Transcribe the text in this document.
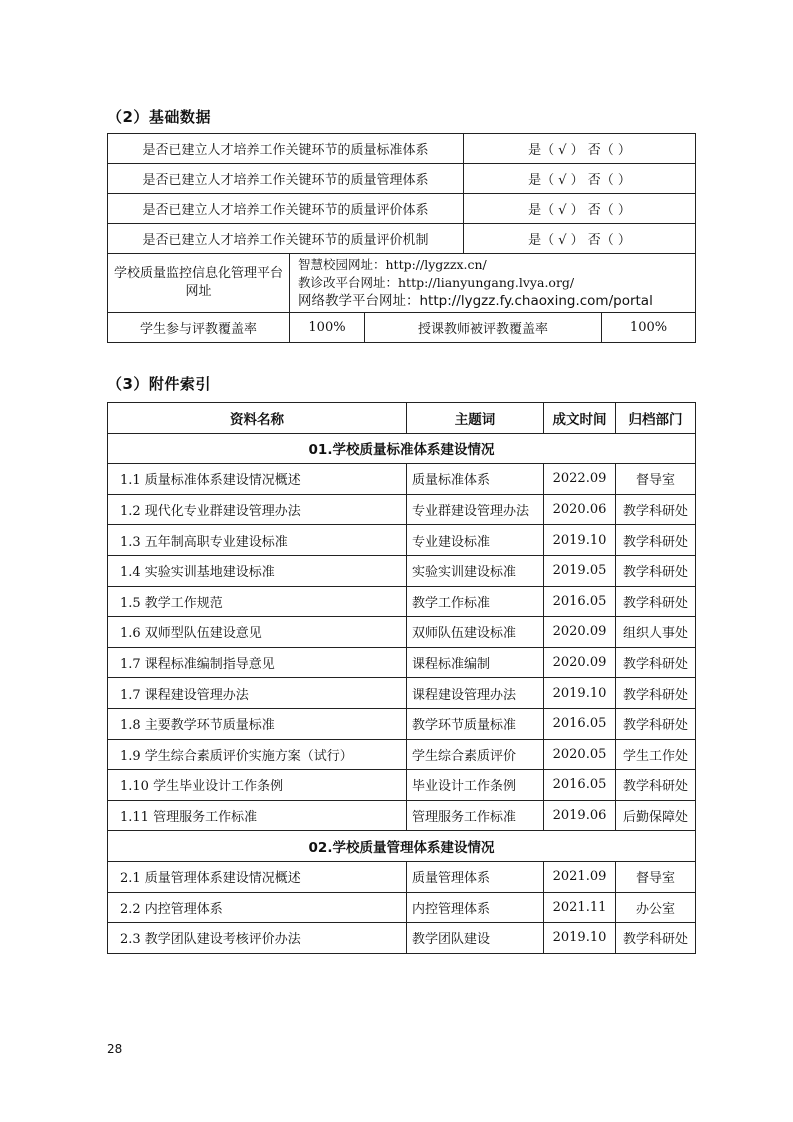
（2）基础数据
是否已建立人才培养工作关键环节的质量标准体系			是（ √ ） 否（ ）	
是否已建立人才培养工作关键环节的质量管理体系			是（ √ ） 否（ ）	
是否已建立人才培养工作关键环节的质量评价体系			是（ √ ） 否（ ）	
是否已建立人才培养工作关键环节的质量评价机制			是（ √ ） 否（ ）	
学校质量监控信息化管理平台网址	智慧校园网址：http://lygzzx.cn/
教诊改平台网址：http://lianyungang.lvya.org/
网络教学平台网址：http://lygzz.fy.chaoxing.com/portal			

学生参与评教覆盖率	100%	授课教师被评教覆盖率		100%
（3）附件索引
资料名称	主题词	成文时间	归档部门
01.学校质量标准体系建设情况			
1.1 质量标准体系建设情况概述	质量标准体系	2022.09	督导室
1.2 现代化专业群建设管理办法	专业群建设管理办法	2020.06	教学科研处
1.3 五年制高职专业建设标准	专业建设标准	2019.10	教学科研处
1.4 实验实训基地建设标准	实验实训建设标准	2019.05	教学科研处
1.5 教学工作规范	教学工作标准	2016.05	教学科研处
1.6 双师型队伍建设意见	双师队伍建设标准	2020.09	组织人事处
1.7 课程标准编制指导意见	课程标准编制	2020.09	教学科研处
1.7 课程建设管理办法	课程建设管理办法	2019.10	教学科研处
1.8 主要教学环节质量标准	教学环节质量标准	2016.05	教学科研处
1.9 学生综合素质评价实施方案（试行）	学生综合素质评价	2020.05	学生工作处
1.10 学生毕业设计工作条例	毕业设计工作条例	2016.05	教学科研处
1.11 管理服务工作标准	管理服务工作标准	2019.06	后勤保障处
02.学校质量管理体系建设情况			
2.1 质量管理体系建设情况概述	质量管理体系	2021.09	督导室
2.2 内控管理体系	内控管理体系	2021.11	办公室
2.3 教学团队建设考核评价办法	教学团队建设	2019.10	教学科研处
28
